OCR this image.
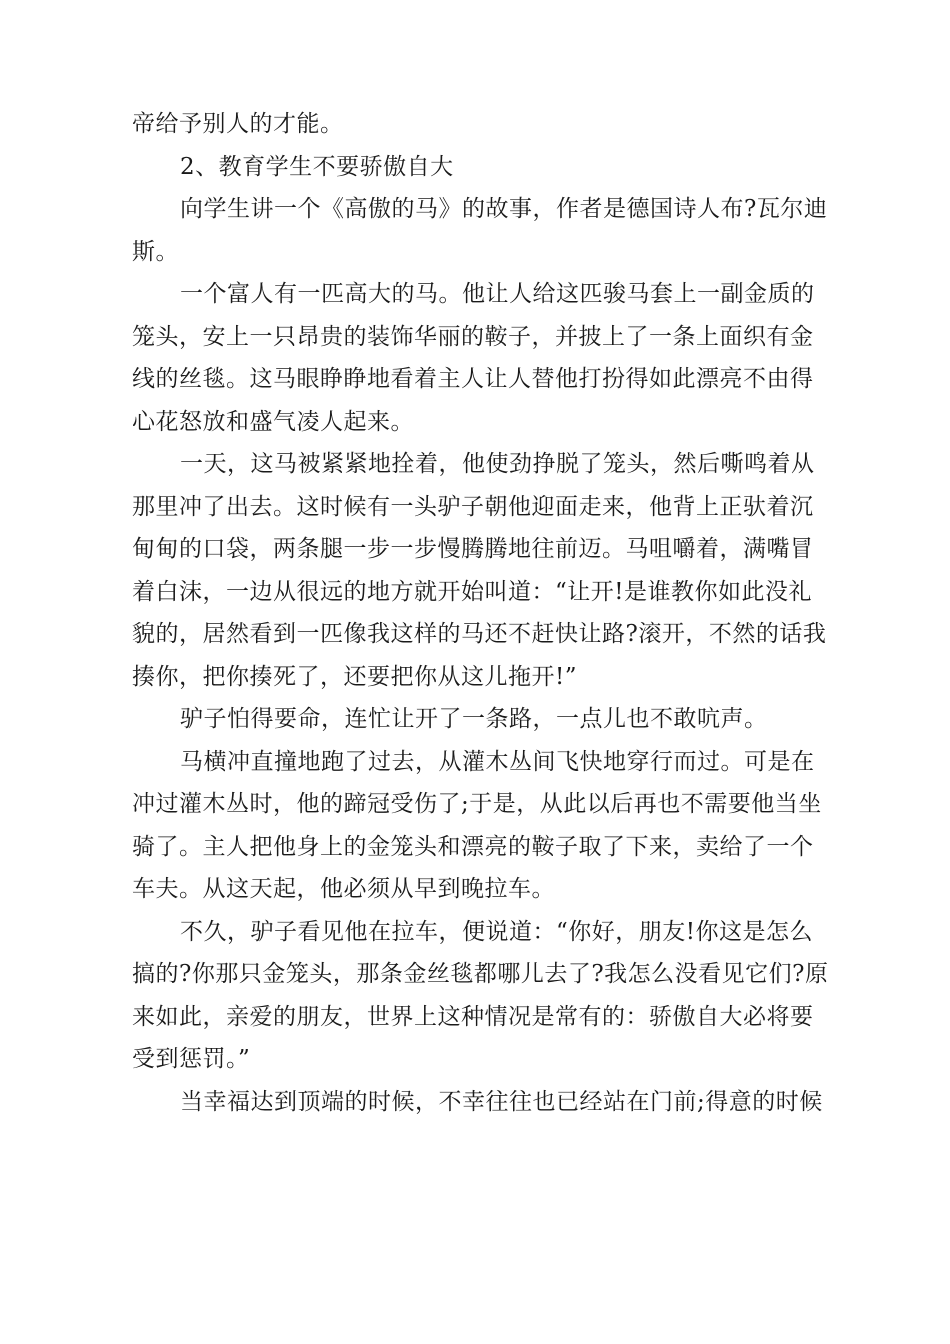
帝给予别人的才能。
2、教育学生不要骄傲自大
向学生讲一个《高傲的马》的故事，作者是德国诗人布?瓦尔迪
斯。
一个富人有一匹高大的马。他让人给这匹骏马套上一副金质的
笼头，安上一只昂贵的装饰华丽的鞍子，并披上了一条上面织有金
线的丝毯。这马眼睁睁地看着主人让人替他打扮得如此漂亮不由得
心花怒放和盛气凌人起来。
一天，这马被紧紧地拴着，他使劲挣脱了笼头，然后嘶鸣着从
那里冲了出去。这时候有一头驴子朝他迎面走来，他背上正驮着沉
甸甸的口袋，两条腿一步一步慢腾腾地往前迈。马咀嚼着，满嘴冒
着白沫，一边从很远的地方就开始叫道：“让开!是谁教你如此没礼
貌的，居然看到一匹像我这样的马还不赶快让路?滚开，不然的话我
揍你，把你揍死了，还要把你从这儿拖开!”
驴子怕得要命，连忙让开了一条路，一点儿也不敢吭声。
马横冲直撞地跑了过去，从灌木丛间飞快地穿行而过。可是在
冲过灌木丛时，他的蹄冠受伤了;于是，从此以后再也不需要他当坐
骑了。主人把他身上的金笼头和漂亮的鞍子取了下来，卖给了一个
车夫。从这天起，他必须从早到晚拉车。
不久，驴子看见他在拉车，便说道：“你好，朋友!你这是怎么
搞的?你那只金笼头，那条金丝毯都哪儿去了?我怎么没看见它们?原
来如此，亲爱的朋友，世界上这种情况是常有的：骄傲自大必将要
受到惩罚。”
当幸福达到顶端的时候，不幸往往也已经站在门前;得意的时候
